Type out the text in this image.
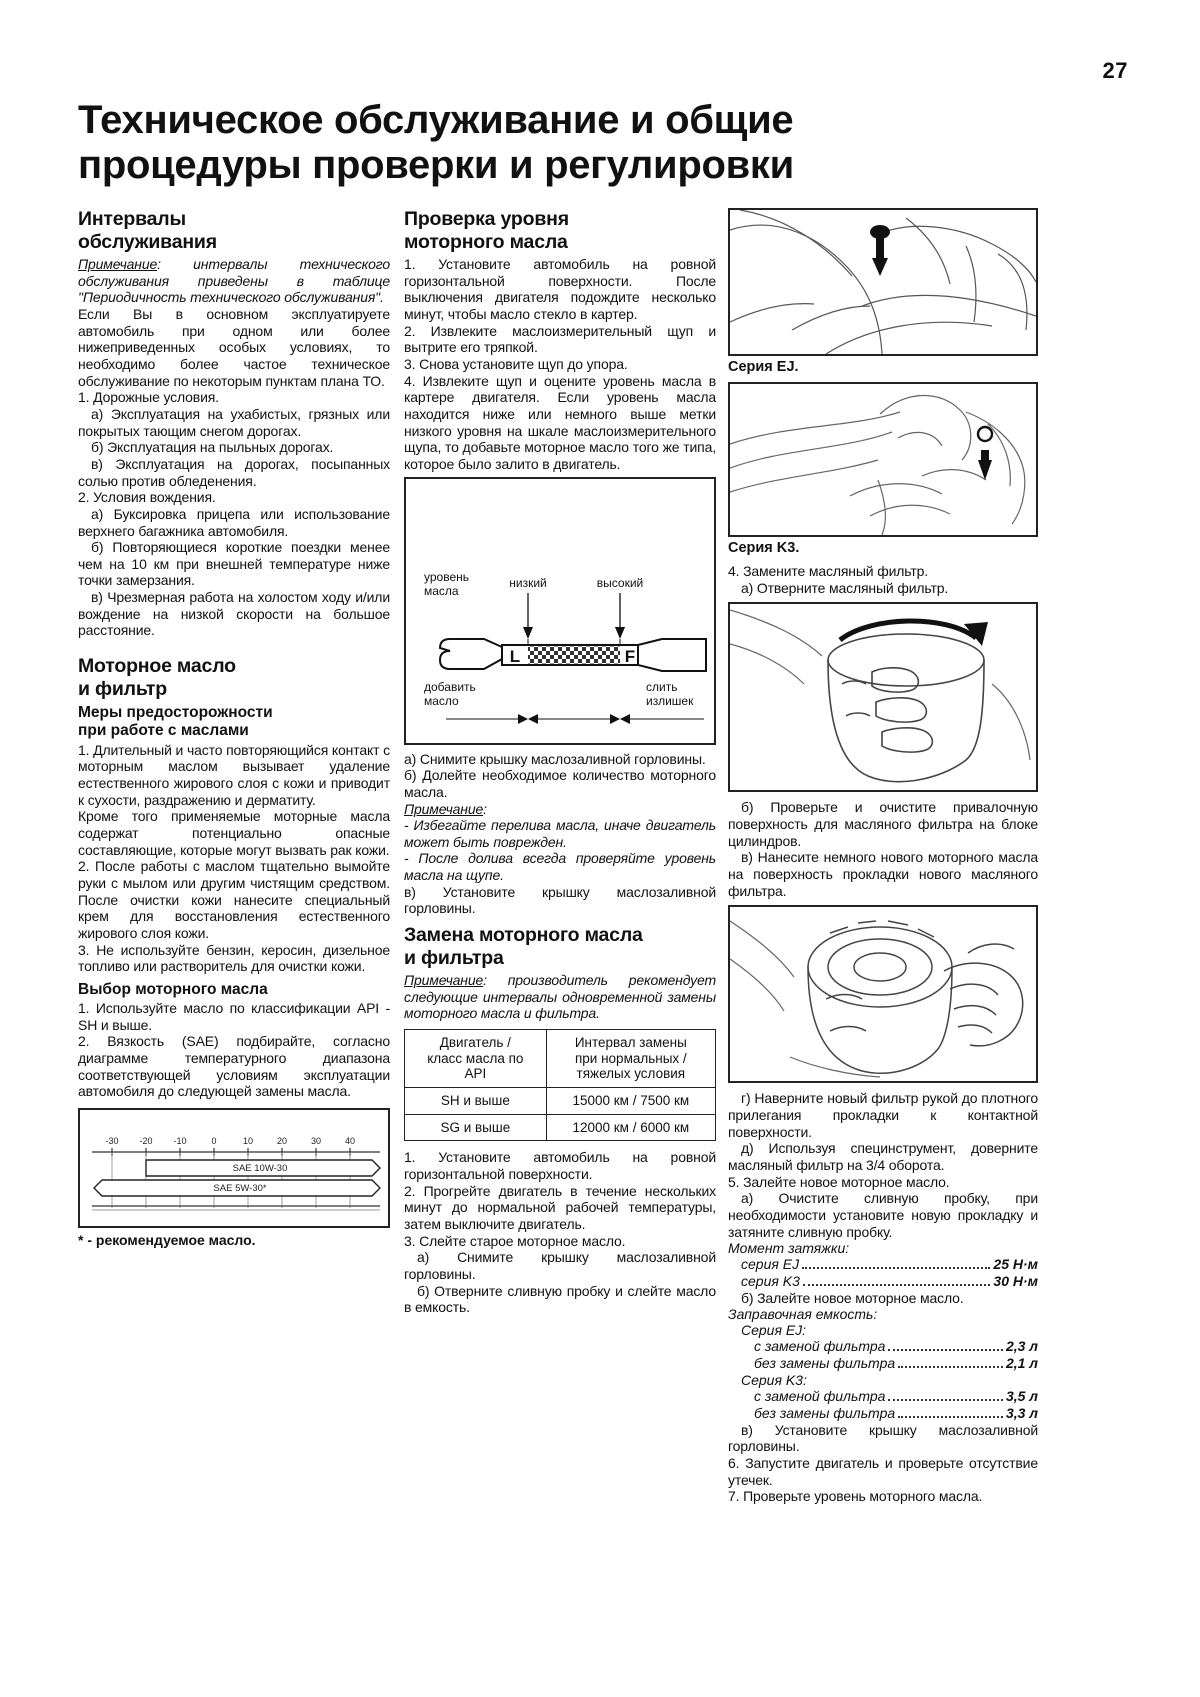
27
Техническое обслуживание и общие
процедуры проверки и регулировки
Интервалы
обслуживания

Примечание: интервалы технического обслуживания приведены в таблице "Периодичность технического обслуживания".

Если Вы в основном эксплуатируете автомобиль при одном или более нижеприведенных особых условиях, то необходимо более частое техническое обслуживание по некоторым пунктам плана ТО.

1. Дорожные условия.

а) Эксплуатация на ухабистых, грязных или покрытых тающим снегом дорогах.

б) Эксплуатация на пыльных дорогах.

в) Эксплуатация на дорогах, посыпанных солью против обледенения.

2. Условия вождения.

а) Буксировка прицепа или использование верхнего багажника автомобиля.

б) Повторяющиеся короткие поездки менее чем на 10 км при внешней температуре ниже точки замерзания.

в) Чрезмерная работа на холостом ходу и/или вождение на низкой скорости на большое расстояние.

Моторное масло
и фильтр
Меры предосторожности
при работе с маслами

1. Длительный и часто повторяющийся контакт с моторным маслом вызывает удаление естественного жирового слоя с кожи и приводит к сухости, раздражению и дерматиту.

Кроме того применяемые моторные масла содержат потенциально опасные составляющие, которые могут вызвать рак кожи.

2. После работы с маслом тщательно вымойте руки с мылом или другим чистящим средством. После очистки кожи нанесите специальный крем для восстановления естественного жирового слоя кожи.

3. Не используйте бензин, керосин, дизельное топливо или растворитель для очистки кожи.

Выбор моторного масла

1. Используйте масло по классификации API - SH и выше.

2. Вязкость (SAE) подбирайте, согласно диаграмме температурного диапазона соответствующей условиям эксплуатации автомобиля до следующей замены масла.

-30 -20 -10	0	10	20	30	40
SAE 10W-30
SAE 5W-30*
* - рекомендуемое масло.
Проверка уровня
моторного масла

1. Установите автомобиль на ровной горизонтальной поверхности. После выключения двигателя подождите несколько минут, чтобы масло стекло в картер.

2. Извлеките маслоизмерительный щуп и вытрите его тряпкой.

3. Снова установите щуп до упора.

4. Извлеките щуп и оцените уровень масла в картере двигателя. Если уровень масла находится ниже или немного выше метки низкого уровня на шкале маслоизмерительного щупа, то добавьте моторное масло того же типа, которое было залито в двигатель.

уровень
масла
низкий	высокий
L	F
добавить
масло
слить
излишек

а) Снимите крышку маслозаливной горловины.

б) Долейте необходимое количество моторного масла.

Примечание:

- Избегайте перелива масла, иначе двигатель может быть поврежден.

- После долива всегда проверяйте уровень масла на щупе.

в) Установите крышку маслозаливной горловины.

Замена моторного масла
и фильтра

Примечание: производитель рекомендует следующие интервалы одновременной замены моторного масла и фильтра.

Двигатель /
класс масла по
API	Интервал замены
при нормальных /
тяжелых условия
SH и выше	15000 км / 7500 км
SG и выше	12000 км / 6000 км

1. Установите автомобиль на ровной горизонтальной поверхности.

2. Прогрейте двигатель в течение нескольких минут до нормальной рабочей температуры, затем выключите двигатель.

3. Слейте старое моторное масло.

а) Снимите крышку маслозаливной горловины.

б) Отверните сливную пробку и слейте масло в емкость.

Серия EJ.
Серия K3.

4. Замените масляный фильтр.

а) Отверните масляный фильтр.

б) Проверьте и очистите привалочную поверхность для масляного фильтра на блоке цилиндров.

в) Нанесите немного нового моторного масла на поверхность прокладки нового масляного фильтра.

г) Наверните новый фильтр рукой до плотного прилегания прокладки к контактной поверхности.

д) Используя специнструмент, доверните масляный фильтр на 3/4 оборота.

5. Залейте новое моторное масло.

а) Очистите сливную пробку, при необходимости установите новую прокладку и затяните сливную пробку.

Момент затяжки:

серия EJ	25 Н·м
серия K3	30 Н·м

б) Залейте новое моторное масло.

Заправочная емкость:

Серия EJ:

с заменой фильтра	2,3 л
без замены фильтра	2,1 л

Серия K3:

с заменой фильтра	3,5 л
без замены фильтра	3,3 л

в) Установите крышку маслозаливной горловины.

6. Запустите двигатель и проверьте отсутствие утечек.

7. Проверьте уровень моторного масла.
